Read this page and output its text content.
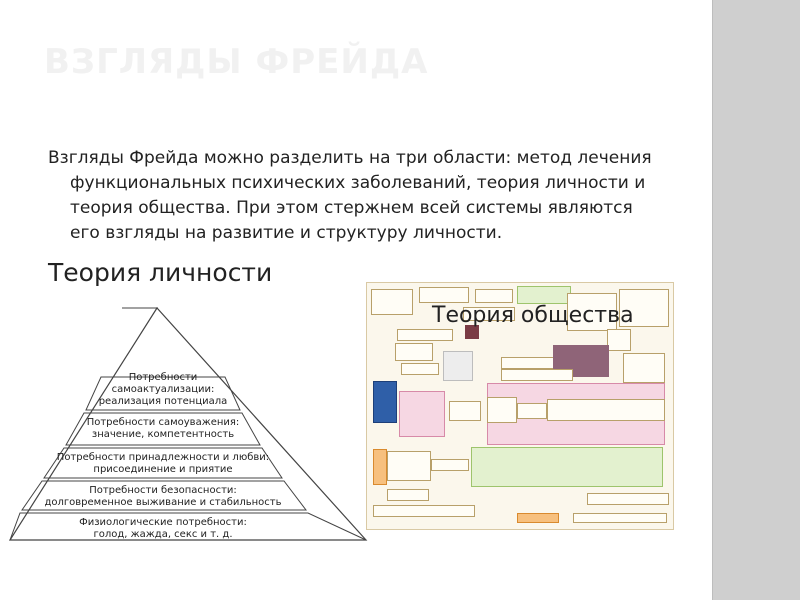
ВЗГЛЯДЫ ФРЕЙДА
Взгляды Фрейда можно разделить на три области: метод лечения
функциональных психических заболеваний, теория личности и
теория общества. При этом стержнем всей системы являются
его взгляды на развитие и структуру личности.
Теория личности
Потребности
самоактуализации:
реализация потенциала
Потребности самоуважения:
значение, компетентность
Потребности принадлежности и любви:
присоединение и приятие
Потребности безопасности:
долговременное выживание и стабильность
Физиологические потребности:
голод, жажда, секс и т. д.
Теория общества
